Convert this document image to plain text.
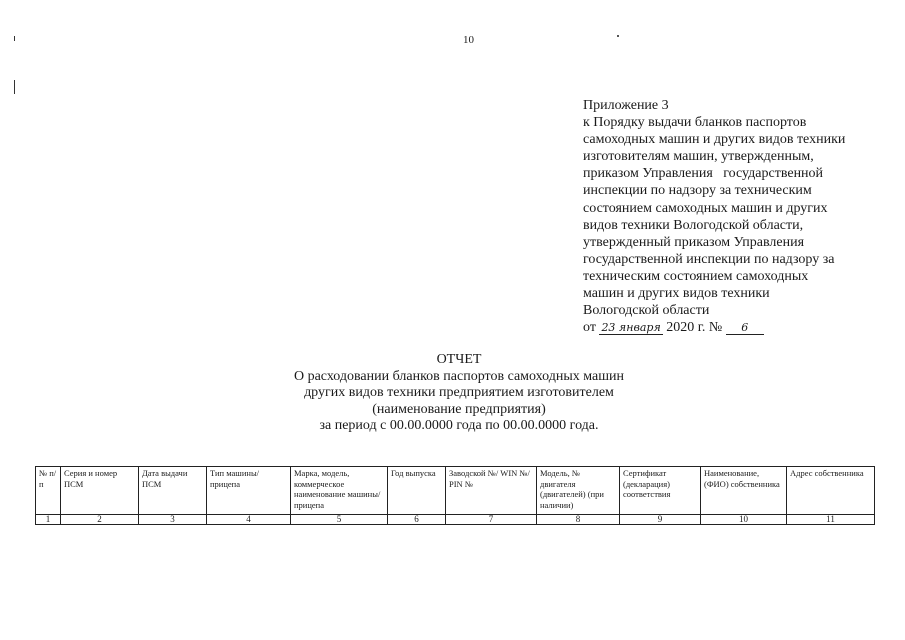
10
Приложение 3
к Порядку выдачи бланков паспортов
самоходных машин и других видов техники
изготовителям машин, утвержденным,
приказом Управления   государственной
инспекции по надзору за техническим
состоянием самоходных машин и других
видов техники Вологодской области,
утвержденный приказом Управления
государственной инспекции по надзору за
техническим состоянием самоходных
машин и других видов техники
Вологодской области
от 23 января 2020 г. № 6
ОТЧЕТ
О расходовании бланков паспортов самоходных машин
других видов техники предприятием изготовителем
(наименование предприятия)
за период с 00.00.0000 года по 00.00.0000 года.
№ п/п	Серия и номер ПСМ	Дата выдачи ПСМ	Тип машины/ прицепа	Марка, модель, коммерческое наименование машины/прицепа	Год выпуска	Заводской №/ WIN №/ PIN №	Модель, № двигателя (двигателей) (при наличии)	Сертификат (декларация) соответствия	Наименование, (ФИО) собственника	Адрес собственника
1	2	3	4	5	6	7	8	9	10	11
